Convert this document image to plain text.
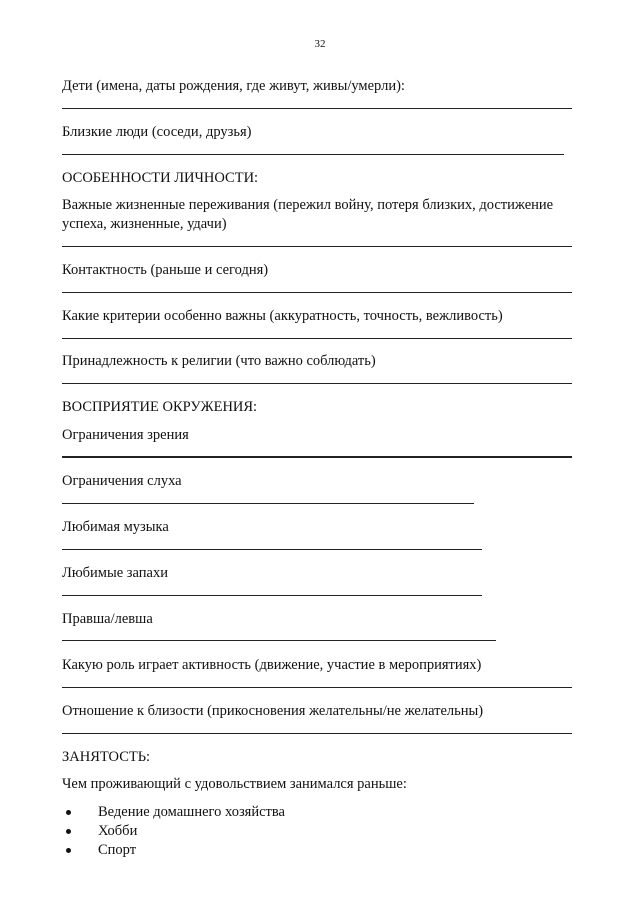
32
Дети (имена, даты рождения, где живут, живы/умерли):
Близкие люди (соседи, друзья)
ОСОБЕННОСТИ ЛИЧНОСТИ:
Важные жизненные переживания (пережил войну, потеря близких, достижение успеха, жизненные, удачи)
Контактность (раньше и сегодня)
Какие критерии особенно важны (аккуратность, точность, вежливость)
Принадлежность к религии (что важно соблюдать)
ВОСПРИЯТИЕ ОКРУЖЕНИЯ:
Ограничения зрения
Ограничения слуха
Любимая музыка
Любимые запахи
Правша/левша
Какую роль играет активность (движение, участие в мероприятиях)
Отношение к близости (прикосновения желательны/не желательны)
ЗАНЯТОСТЬ:
Чем проживающий с удовольствием занимался раньше:
Ведение домашнего хозяйства
Хобби
Спорт
